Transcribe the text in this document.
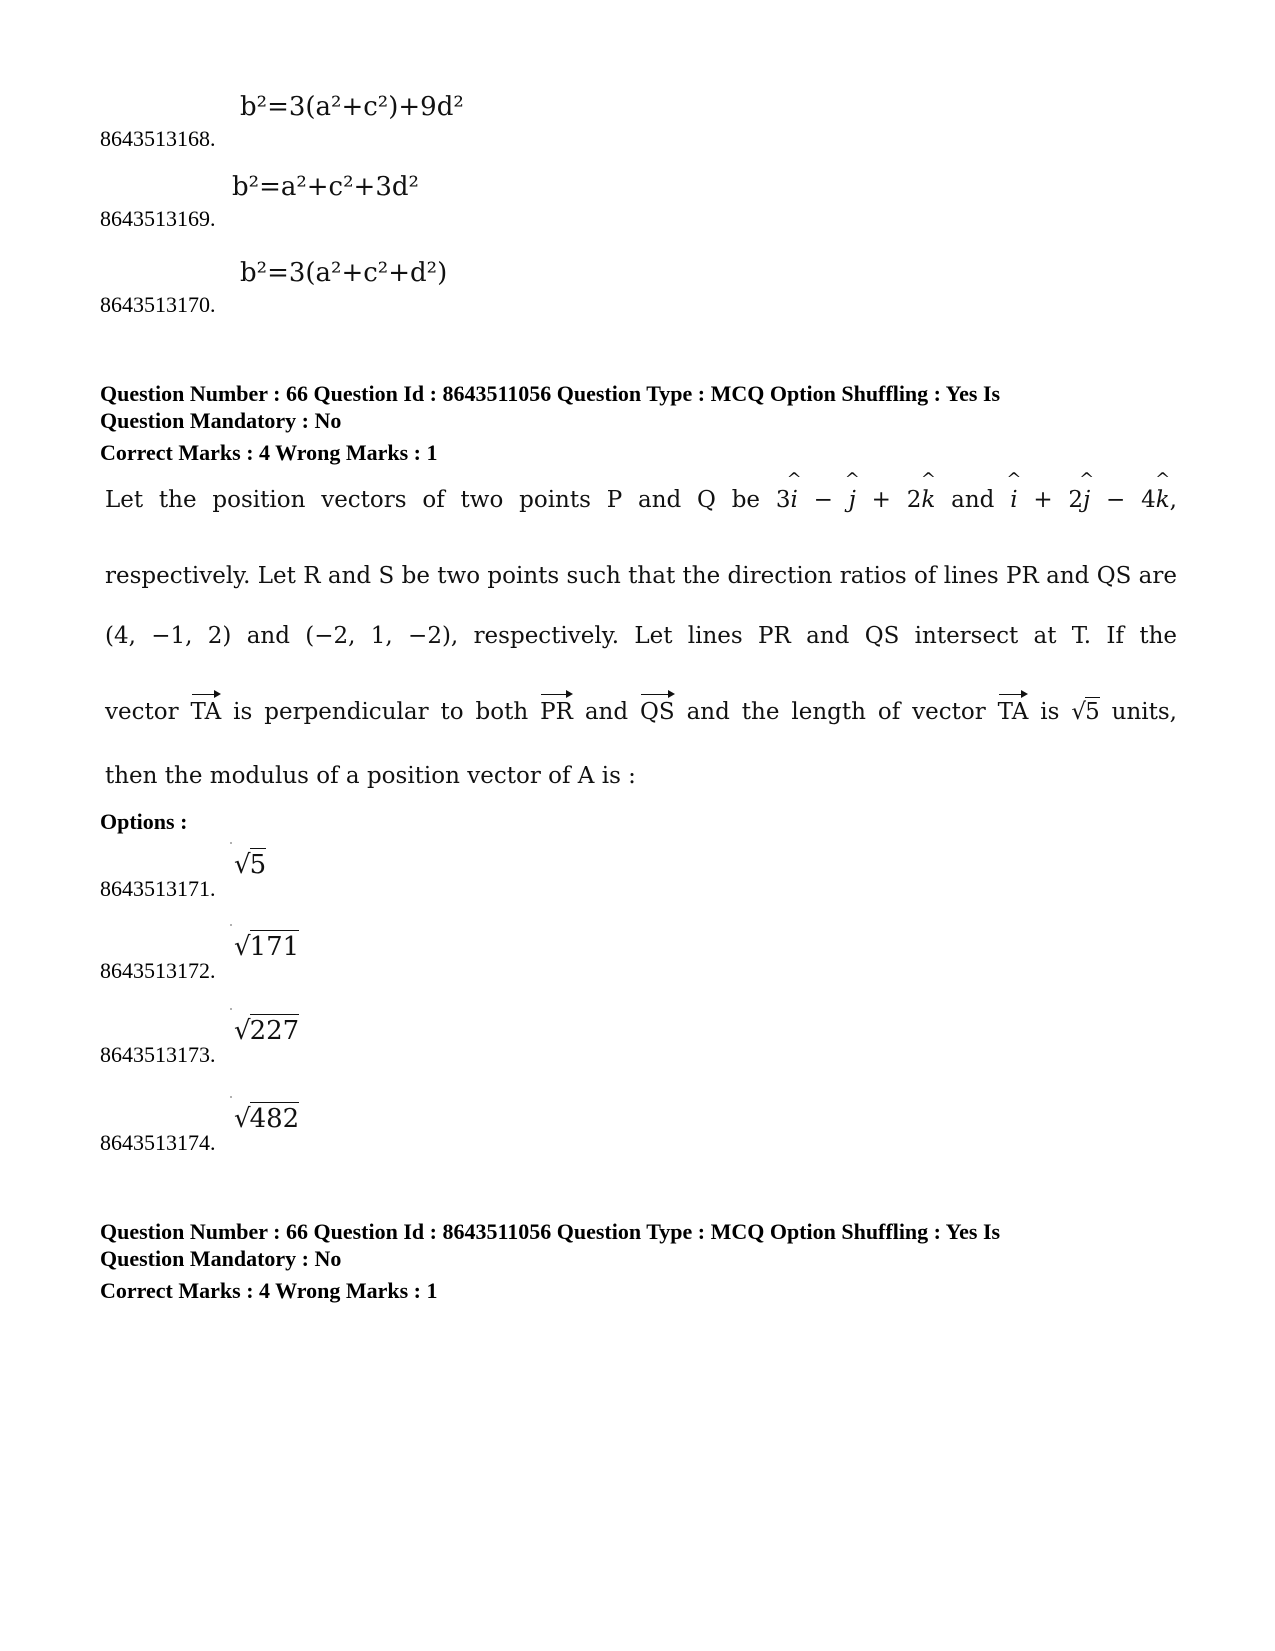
8643513168.
b²=3(a²+c²)+9d²
8643513169.
b²=a²+c²+3d²
8643513170.
b²=3(a²+c²+d²)
Question Number : 66 Question Id : 8643511056 Question Type : MCQ Option Shuffling : Yes Is
Question Mandatory : No
Correct Marks : 4 Wrong Marks : 1
Let the position vectors of two points P and Q be 3^ i − ^ j + 2^ k and ^ i + 2^ j − 4^ k,
respectively. Let R and S be two points such that the direction ratios of lines PR and QS are
(4, −1, 2) and (−2, 1, −2), respectively. Let lines PR and QS intersect at T. If the
vector TA is perpendicular to both PR and QS and the length of vector TA is √5 units,
then the modulus of a position vector of A is :
Options :
8643513171.
√5
8643513172.
√171
8643513173.
√227
8643513174.
√482
Question Number : 66 Question Id : 8643511056 Question Type : MCQ Option Shuffling : Yes Is
Question Mandatory : No
Correct Marks : 4 Wrong Marks : 1
